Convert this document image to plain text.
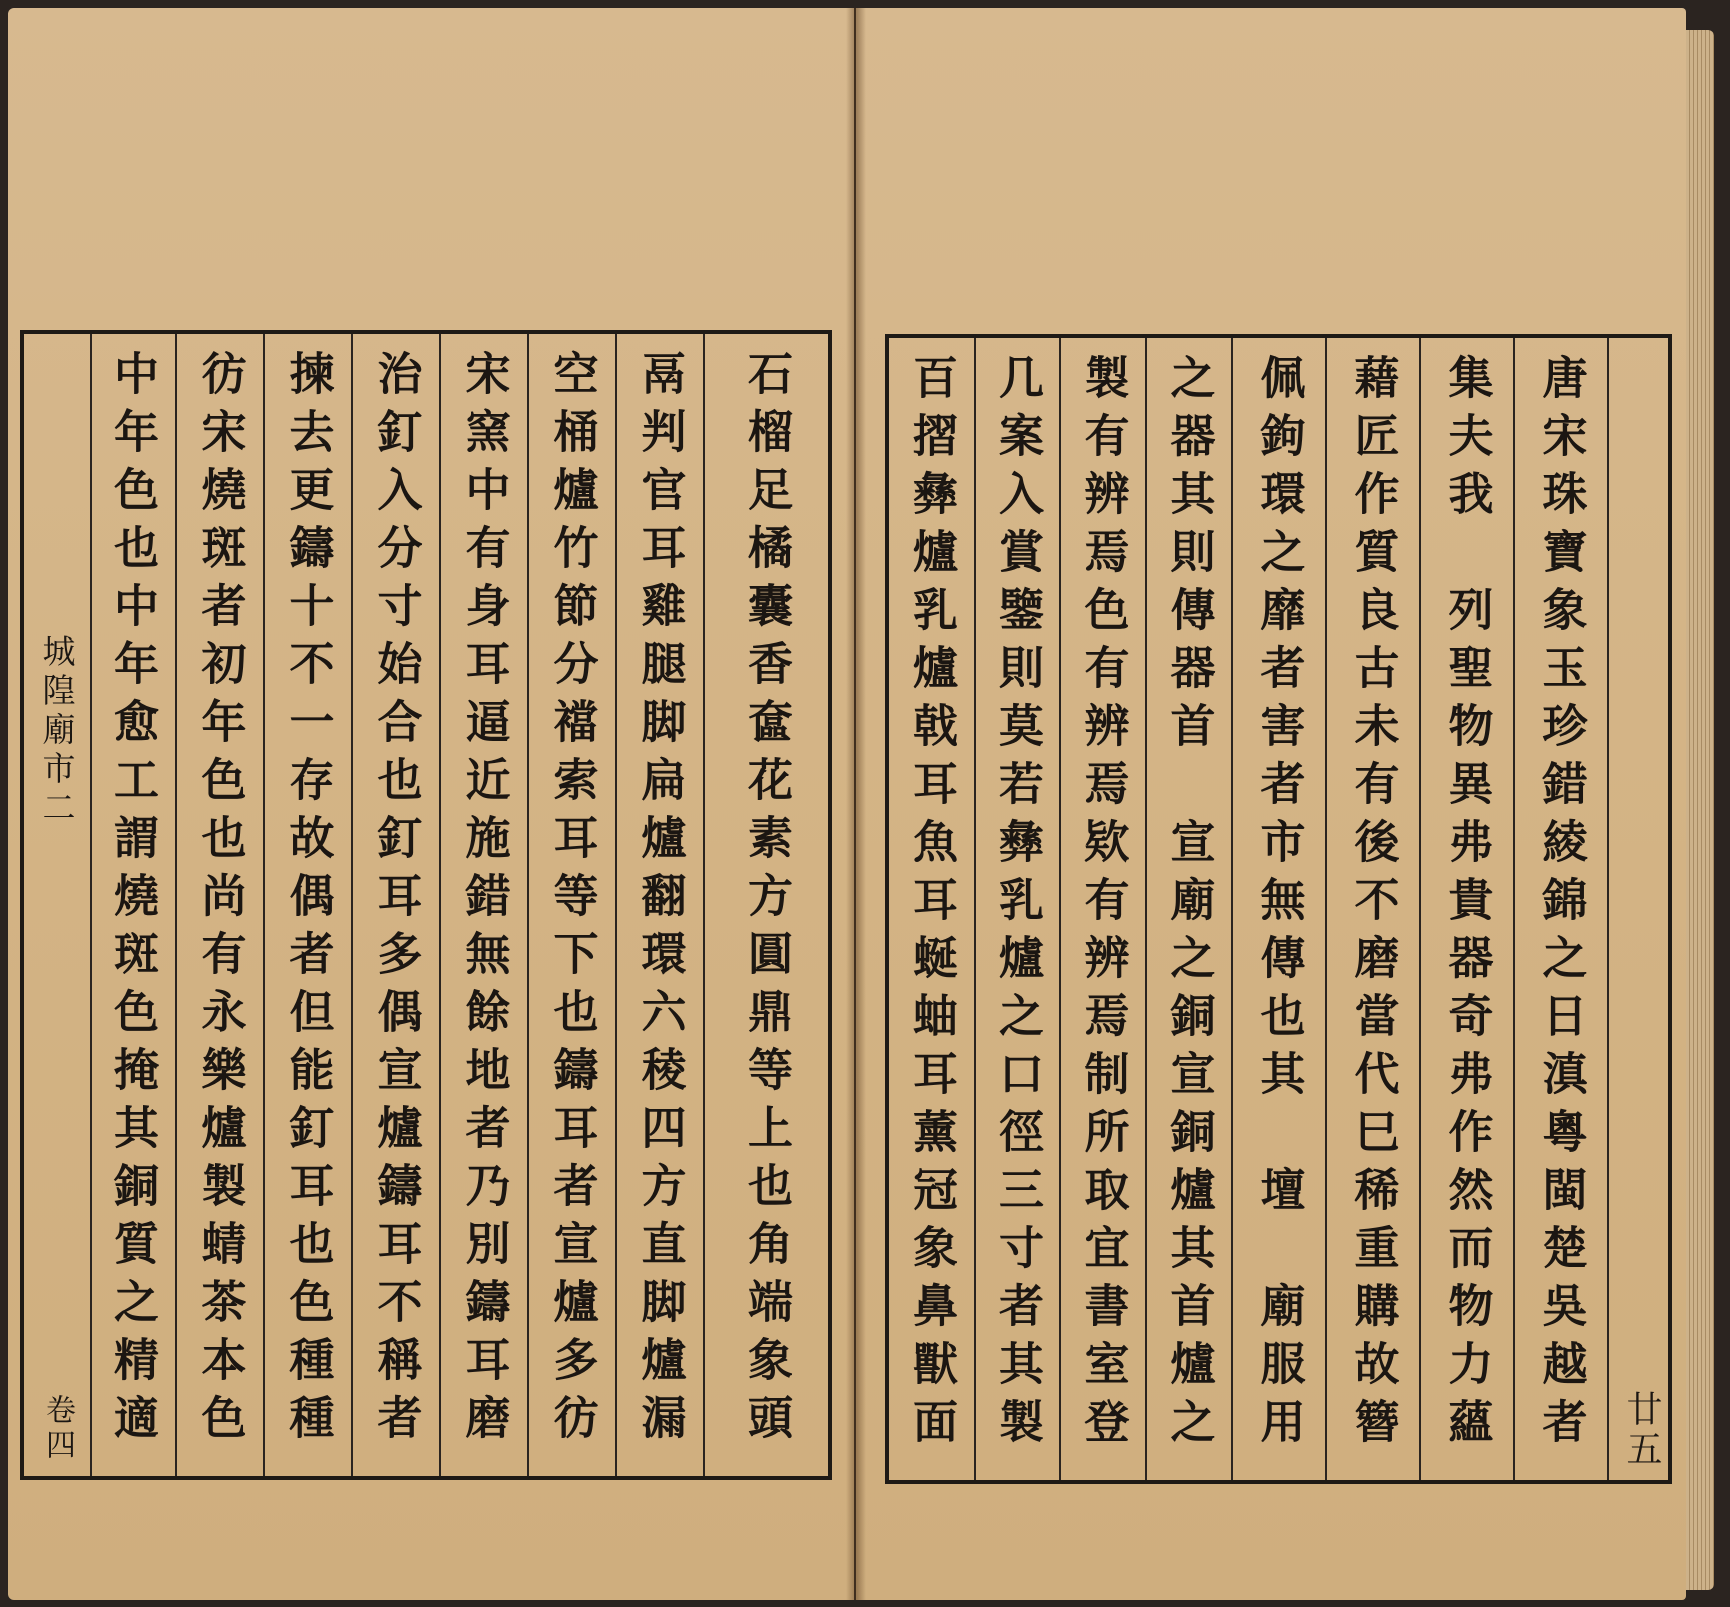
城隍廟市二
卷四 中年色也中年愈工謂燒斑色掩其銅質之精適 彷宋燒斑者初年色也尚有永樂爐製蜻茶本色 揀去更鑄十不一存故偶者但能釘耳也色種種 治釘入分寸始合也釘耳多偶宣爐鑄耳不稱者 宋窯中有身耳逼近施錯無餘地者乃別鑄耳磨 空桶爐竹節分襠索耳等下也鑄耳者宣爐多彷 鬲判官耳雞腿脚扁爐翻環六稜四方直脚爐漏 石榴足橘囊香奩花素方圓鼎等上也角端象頭 百摺彝爐乳爐戟耳魚耳蜒蚰耳薰冠象鼻獸面 几案入賞鑒則莫若彝乳爐之口徑三寸者其製 製有辨焉色有辨焉欵有辨焉制所取宜書室登 之器其則傳器首　宣廟之銅宣銅爐其首爐之 佩鉤環之靡者害者市無傳也其　壇　廟服用 藉匠作質良古未有後不磨當代巳稀重購故簪 集夫我　列聖物異弗貴器奇弗作然而物力蘊 唐宋珠寶象玉珍錯綾錦之日滇粵閩楚吳越者 廿五
